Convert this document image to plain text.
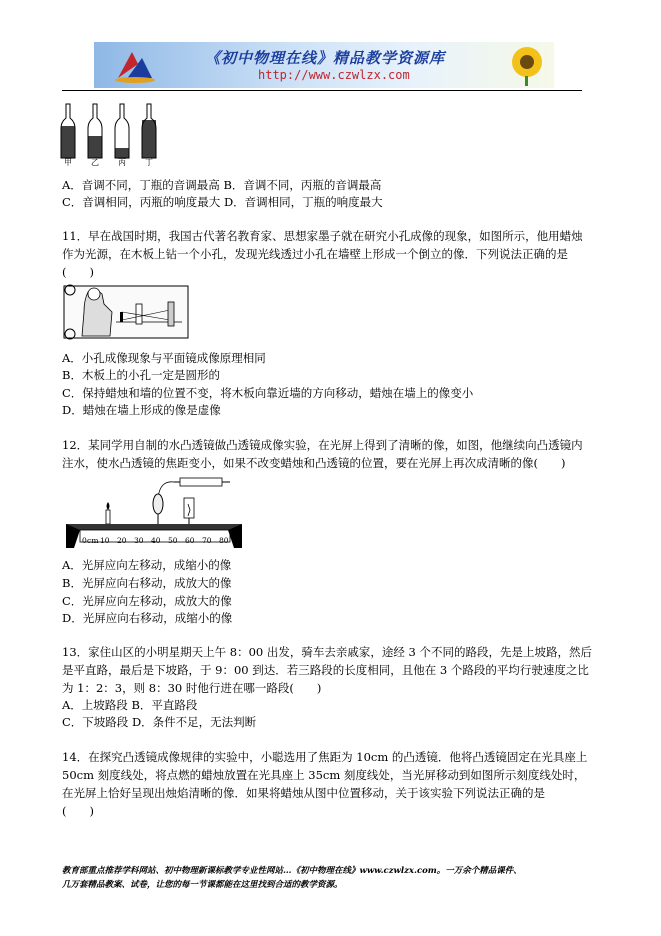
《初中物理在线》精品教学资源库
http://www.czwlzx.com
甲 乙 丙 丁
A．音调不同，丁瓶的音调最高 B．音调不同，丙瓶的音调最高
C．音调相同，丙瓶的响度最大 D．音调相同，丁瓶的响度最大
11．早在战国时期，我国古代著名教育家、思想家墨子就在研究小孔成像的现象，如图所示，他用蜡烛
作为光源，在木板上钻一个小孔，发现光线透过小孔在墙壁上形成一个倒立的像．下列说法正确的是
(　　)
A．小孔成像现象与平面镜成像原理相同
B．木板上的小孔一定是圆形的
C．保持蜡烛和墙的位置不变，将木板向靠近墙的方向移动，蜡烛在墙上的像变小
D．蜡烛在墙上形成的像是虚像
12．某同学用自制的水凸透镜做凸透镜成像实验，在光屏上得到了清晰的像，如图，他继续向凸透镜内
注水，使水凸透镜的焦距变小，如果不改变蜡烛和凸透镜的位置，要在光屏上再次成清晰的像(　　)
0cm 10 20 30 40 50 60 70 80
A．光屏应向左移动，成缩小的像
B．光屏应向右移动，成放大的像
C．光屏应向左移动，成放大的像
D．光屏应向右移动，成缩小的像
13．家住山区的小明星期天上午 8：00 出发，骑车去亲戚家，途经 3 个不同的路段，先是上坡路，然后
是平直路，最后是下坡路，于 9：00 到达．若三路段的长度相同，且他在 3 个路段的平均行驶速度之比
为 1：2：3，则 8：30 时他行进在哪一路段(　　)
A．上坡路段 B．平直路段
C．下坡路段 D．条件不足，无法判断
14．在探究凸透镜成像规律的实验中，小聪选用了焦距为 10cm 的凸透镜．他将凸透镜固定在光具座上
50cm 刻度线处，将点燃的蜡烛放置在光具座上 35cm 刻度线处，当光屏移动到如图所示刻度线处时，
在光屏上恰好呈现出烛焰清晰的像．如果将蜡烛从图中位置移动，关于该实验下列说法正确的是
(　　)
教育部重点推荐学科网站、初中物理新课标教学专业性网站…《初中物理在线》www.czwlzx.com。一万余个精品课件、
几万套精品教案、试卷，让您的每一节课都能在这里找到合适的教学资源。
